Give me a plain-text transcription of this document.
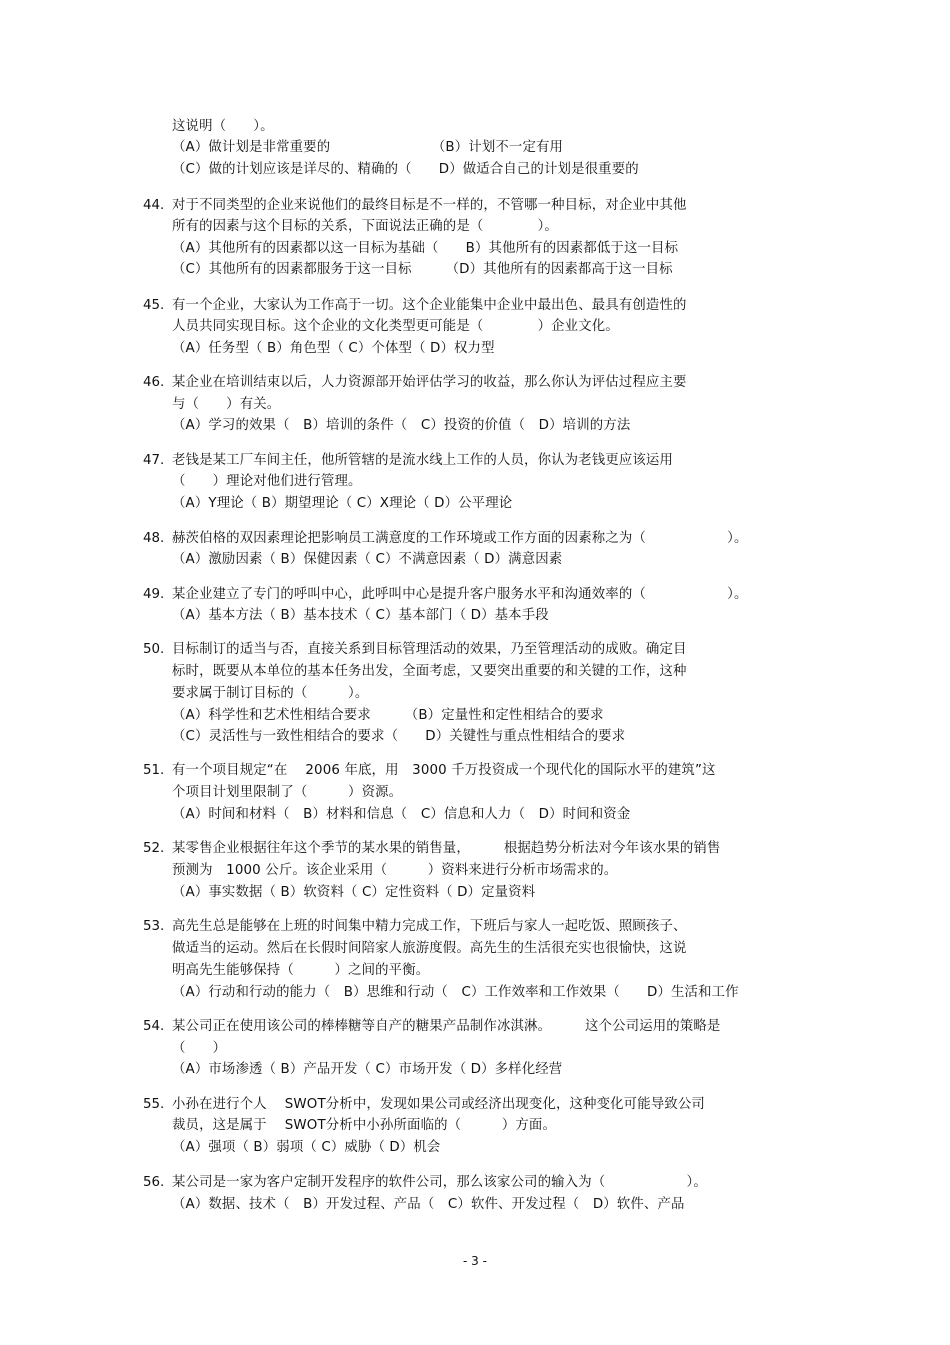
这说明（　　）。
（A）做计划是非常重要的　　　　　　　　（B）计划不一定有用
（C）做的计划应该是详尽的、精确的（　　D）做适合自己的计划是很重要的
44. 对于不同类型的企业来说他们的最终目标是不一样的，不管哪一种目标，对企业中其他
所有的因素与这个目标的关系，下面说法正确的是（　　　　）。
（A）其他所有的因素都以这一目标为基础（　　B）其他所有的因素都低于这一目标
（C）其他所有的因素都服务于这一目标　　　（D）其他所有的因素都高于这一目标
45. 有一个企业，大家认为工作高于一切。这个企业能集中企业中最出色、最具有创造性的
人员共同实现目标。这个企业的文化类型更可能是（　　　　）企业文化。
（A）任务型（ B）角色型（ C）个体型（ D）权力型
46. 某企业在培训结束以后，人力资源部开始评估学习的收益，那么你认为评估过程应主要
与（　　）有关。
（A）学习的效果（　B）培训的条件（　C）投资的价值（　D）培训的方法
47. 老钱是某工厂车间主任，他所管辖的是流水线上工作的人员，你认为老钱更应该运用
（　　）理论对他们进行管理。
（A）Y理论（ B）期望理论（ C）X理论（ D）公平理论
48. 赫茨伯格的双因素理论把影响员工满意度的工作环境或工作方面的因素称之为（　　　　　　）。
（A）激励因素（ B）保健因素（ C）不满意因素（ D）满意因素
49. 某企业建立了专门的呼叫中心，此呼叫中心是提升客户服务水平和沟通效率的（　　　　　　）。
（A）基本方法（ B）基本技术（ C）基本部门（ D）基本手段
50. 目标制订的适当与否，直接关系到目标管理活动的效果，乃至管理活动的成败。确定目
标时，既要从本单位的基本任务出发，全面考虑，又要突出重要的和关键的工作，这种
要求属于制订目标的（　　　）。
（A）科学性和艺术性相结合要求　　　（B）定量性和定性相结合的要求
（C）灵活性与一致性相结合的要求（　　D）关键性与重点性相结合的要求
51. 有一个项目规定“在　 2006 年底，用　3000 千万投资成一个现代化的国际水平的建筑”这
个项目计划里限制了（　　　）资源。
（A）时间和材料（　B）材料和信息（　C）信息和人力（　D）时间和资金
52. 某零售企业根据往年这个季节的某水果的销售量，　　　根据趋势分析法对今年该水果的销售
预测为　1000 公斤。该企业采用（　　　）资料来进行分析市场需求的。
（A）事实数据（ B）软资料（ C）定性资料（ D）定量资料
53. 高先生总是能够在上班的时间集中精力完成工作，下班后与家人一起吃饭、照顾孩子、
做适当的运动。然后在长假时间陪家人旅游度假。高先生的生活很充实也很愉快，这说
明高先生能够保持（　　　）之间的平衡。
（A）行动和行动的能力（　B）思维和行动（　C）工作效率和工作效果（　　D）生活和工作
54. 某公司正在使用该公司的棒棒糖等自产的糖果产品制作冰淇淋。　　　这个公司运用的策略是
（　　）
（A）市场渗透（ B）产品开发（ C）市场开发（ D）多样化经营
55. 小孙在进行个人　 SWOT分析中，发现如果公司或经济出现变化，这种变化可能导致公司
裁员，这是属于　 SWOT分析中小孙所面临的（　　　）方面。
（A）强项（ B）弱项（ C）威胁（ D）机会
56. 某公司是一家为客户定制开发程序的软件公司，那么该家公司的输入为（　　　　　　）。
（A）数据、技术（　B）开发过程、产品（　C）软件、开发过程（　D）软件、产品
- 3 -
